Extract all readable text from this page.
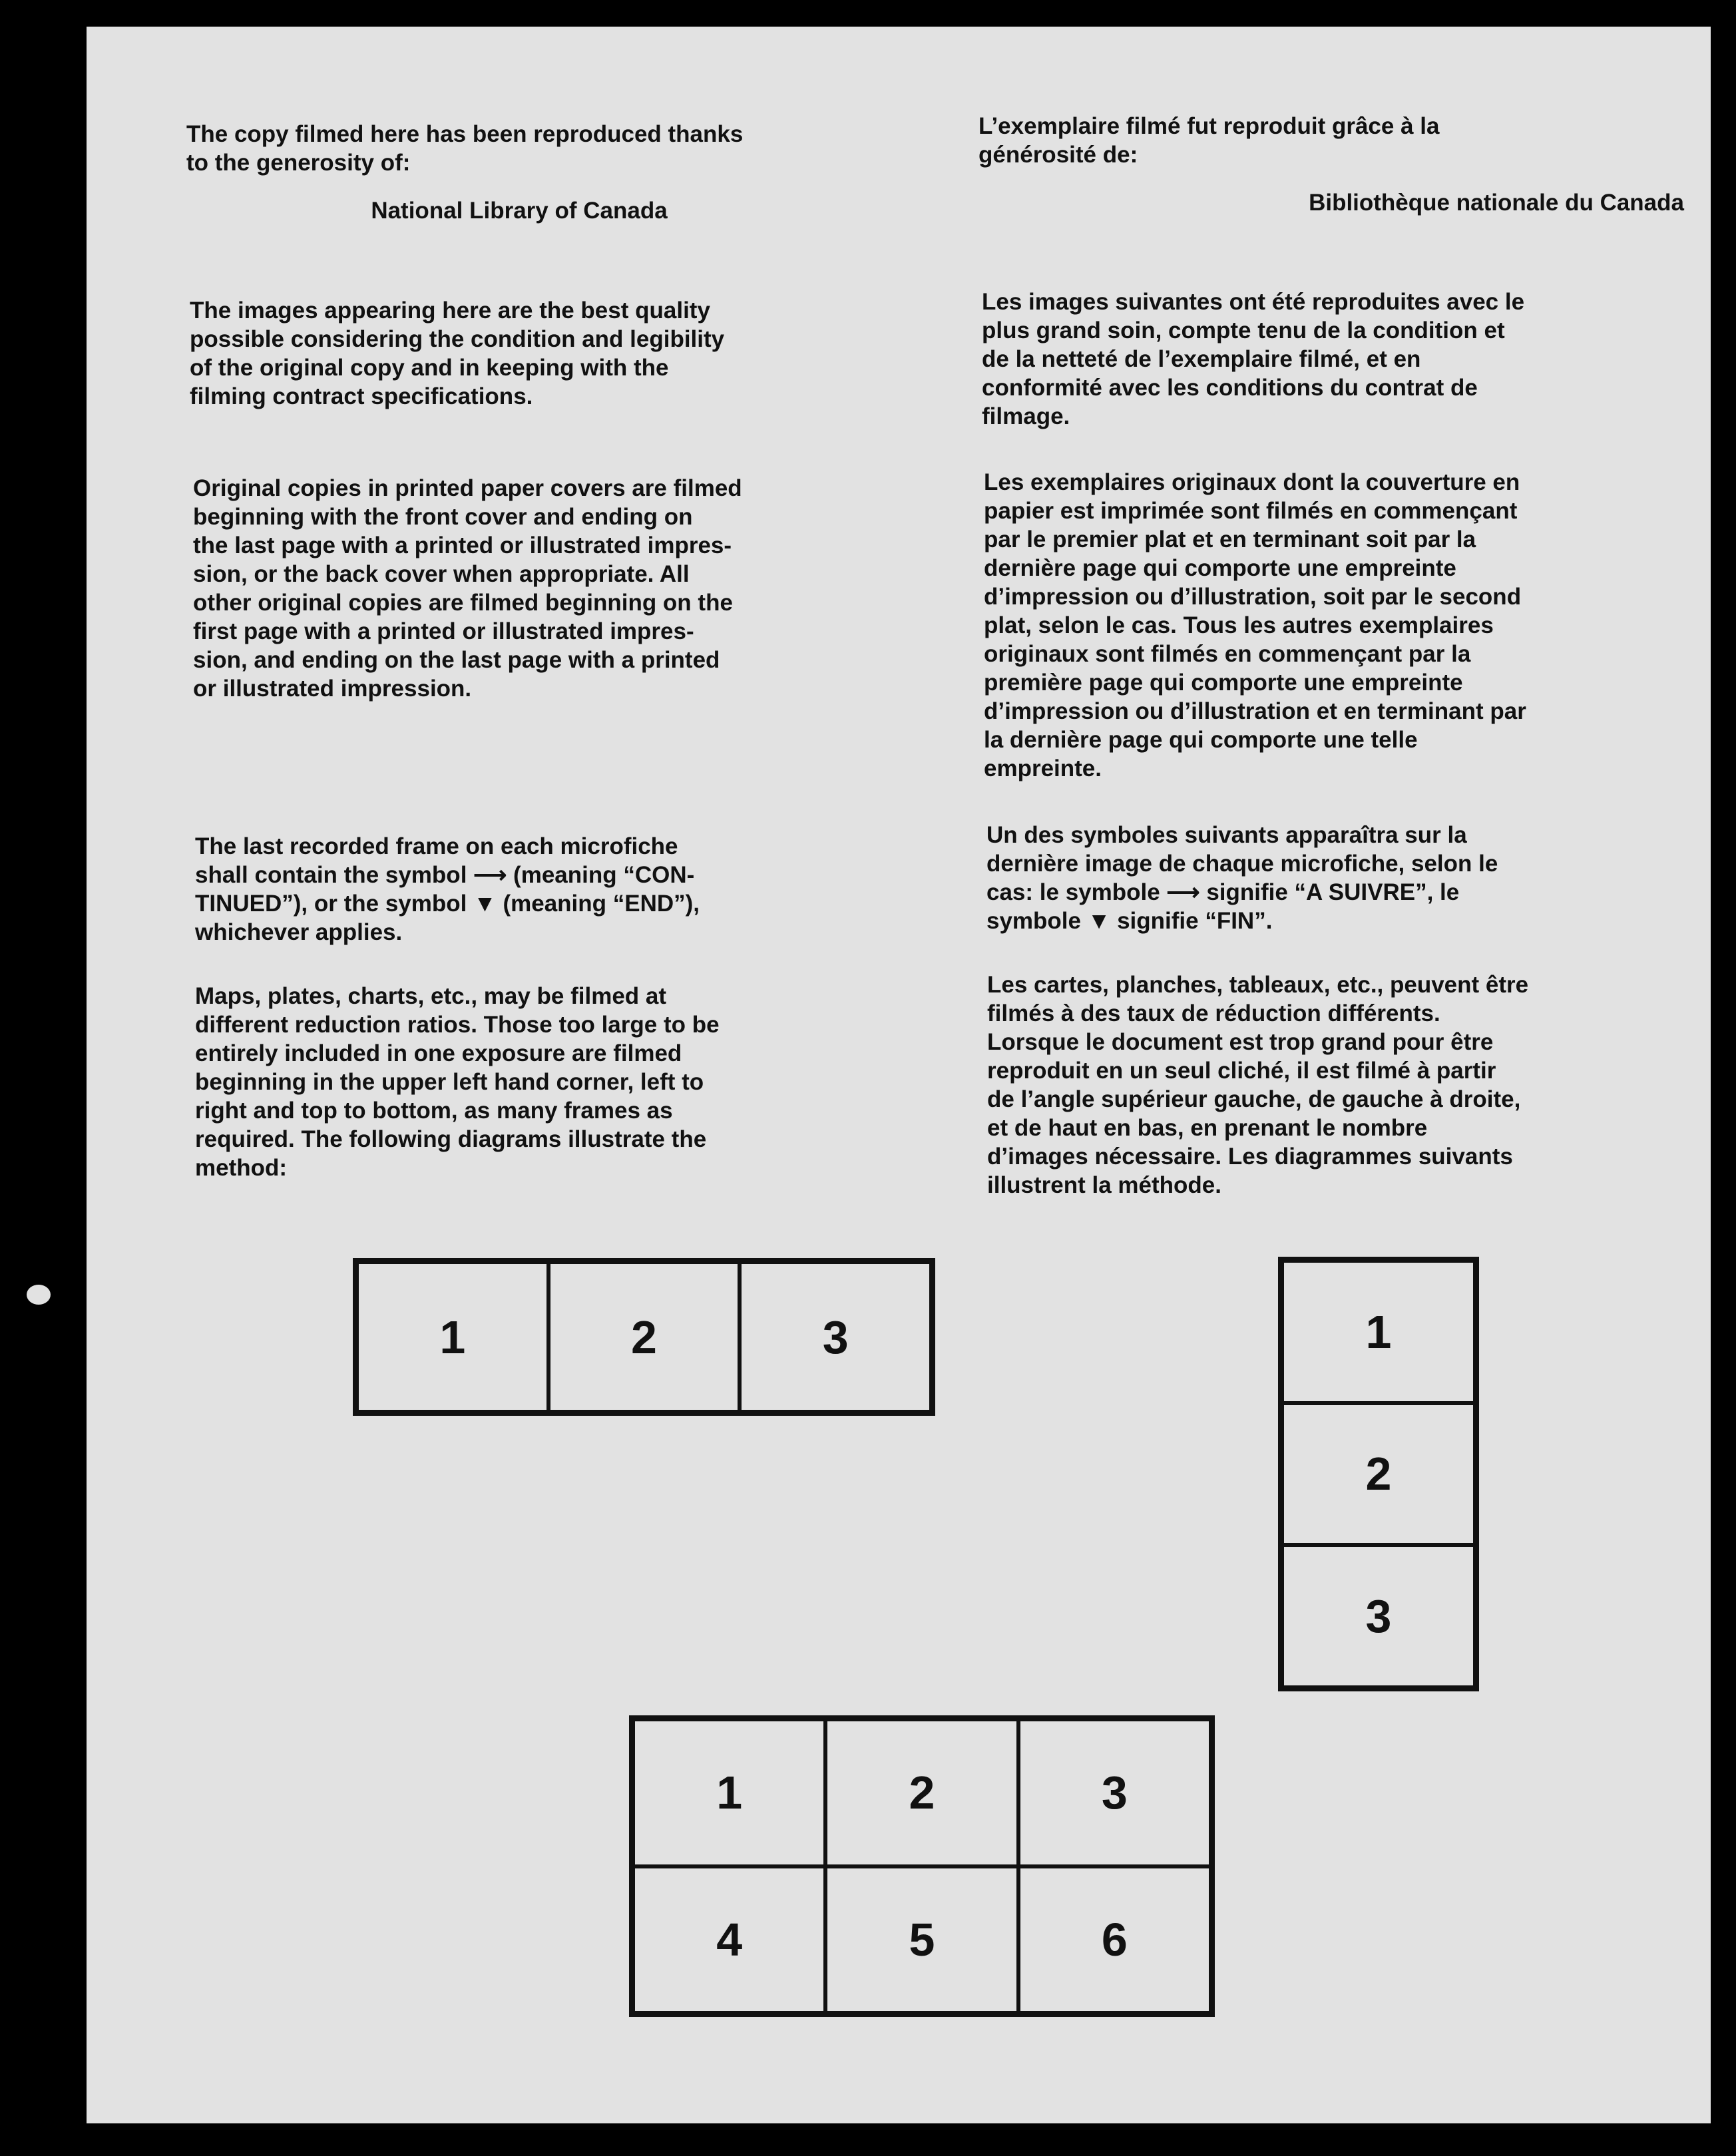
The copy filmed here has been reproduced thanks
to the generosity of:

National Library of Canada

The images appearing here are the best quality
possible considering the condition and legibility
of the original copy and in keeping with the
filming contract specifications.

Original copies in printed paper covers are filmed
beginning with the front cover and ending on
the last page with a printed or illustrated impres-
sion, or the back cover when appropriate. All
other original copies are filmed beginning on the
first page with a printed or illustrated impres-
sion, and ending on the last page with a printed
or illustrated impression.

The last recorded frame on each microfiche
shall contain the symbol ⟶ (meaning “CON-
TINUED”), or the symbol ▼ (meaning “END”),
whichever applies.

Maps, plates, charts, etc., may be filmed at
different reduction ratios. Those too large to be
entirely included in one exposure are filmed
beginning in the upper left hand corner, left to
right and top to bottom, as many frames as
required. The following diagrams illustrate the
method:

L’exemplaire filmé fut reproduit grâce à la
générosité de:

Bibliothèque nationale du Canada

Les images suivantes ont été reproduites avec le
plus grand soin, compte tenu de la condition et
de la netteté de l’exemplaire filmé, et en
conformité avec les conditions du contrat de
filmage.

Les exemplaires originaux dont la couverture en
papier est imprimée sont filmés en commençant
par le premier plat et en terminant soit par la
dernière page qui comporte une empreinte
d’impression ou d’illustration, soit par le second
plat, selon le cas. Tous les autres exemplaires
originaux sont filmés en commençant par la
première page qui comporte une empreinte
d’impression ou d’illustration et en terminant par
la dernière page qui comporte une telle
empreinte.

Un des symboles suivants apparaîtra sur la
dernière image de chaque microfiche, selon le
cas: le symbole ⟶ signifie “A SUIVRE”, le
symbole ▼ signifie “FIN”.

Les cartes, planches, tableaux, etc., peuvent être
filmés à des taux de réduction différents.
Lorsque le document est trop grand pour être
reproduit en un seul cliché, il est filmé à partir
de l’angle supérieur gauche, de gauche à droite,
et de haut en bas, en prenant le nombre
d’images nécessaire. Les diagrammes suivants
illustrent la méthode.

1	2	3	1
2
3
1	2	3
4	5	6
